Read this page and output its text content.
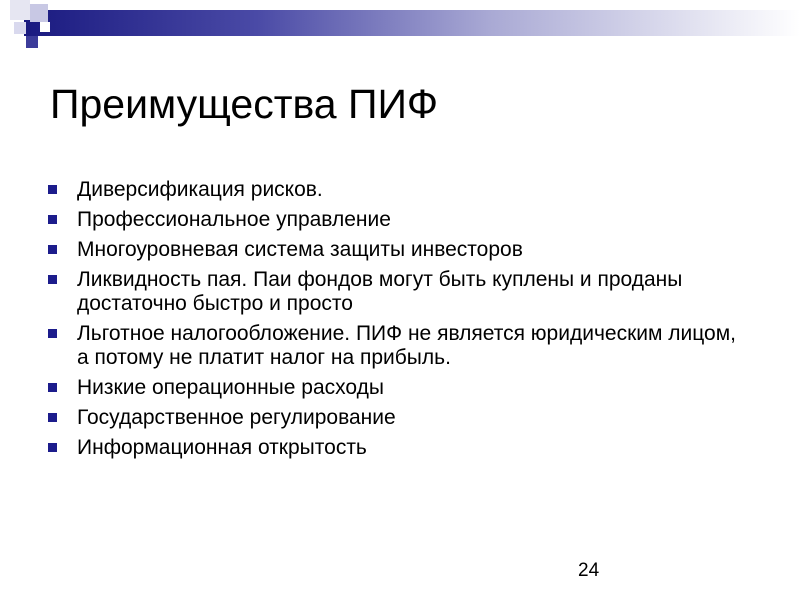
Преимущества ПИФ
Диверсификация рисков.
Профессиональное управление
Многоуровневая система защиты инвесторов
Ликвидность пая. Паи фондов могут быть куплены и проданы достаточно быстро и просто
Льготное налогообложение. ПИФ не является юридическим лицом, а потому не платит налог на прибыль.
Низкие операционные расходы
Государственное регулирование
Информационная открытость
24
